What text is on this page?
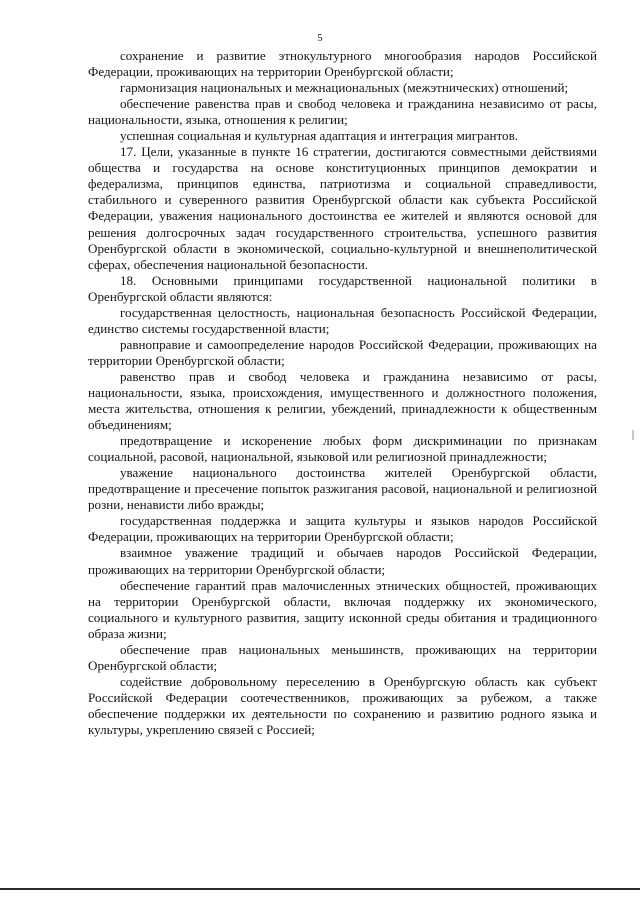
5

сохранение и развитие этнокультурного многообразия народов Российской Федерации, проживающих на территории Оренбургской области;

гармонизация национальных и межнациональных (межэтнических) отношений;

обеспечение равенства прав и свобод человека и гражданина независимо от расы, национальности, языка, отношения к религии;

успешная социальная и культурная адаптация и интеграция мигрантов.

17. Цели, указанные в пункте 16 стратегии, достигаются совместными действиями общества и государства на основе конституционных принципов демократии и федерализма, принципов единства, патриотизма и социальной справедливости, стабильного и суверенного развития Оренбургской области как субъекта Российской Федерации, уважения национального достоинства ее жителей и являются основой для решения долгосрочных задач государственного строительства, успешного развития Оренбургской области в экономической, социально-культурной и внешнеполитической сферах, обеспечения национальной безопасности.

18. Основными принципами государственной национальной политики в Оренбургской области являются:

государственная целостность, национальная безопасность Российской Федерации, единство системы государственной власти;

равноправие и самоопределение народов Российской Федерации, проживающих на территории Оренбургской области;

равенство прав и свобод человека и гражданина независимо от расы, национальности, языка, происхождения, имущественного и должностного положения, места жительства, отношения к религии, убеждений, принадлежности к общественным объединениям;

предотвращение и искоренение любых форм дискриминации по признакам социальной, расовой, национальной, языковой или религиозной принадлежности;

уважение национального достоинства жителей Оренбургской области, предотвращение и пресечение попыток разжигания расовой, национальной и религиозной розни, ненависти либо вражды;

государственная поддержка и защита культуры и языков народов Российской Федерации, проживающих на территории Оренбургской области;

взаимное уважение традиций и обычаев народов Российской Федерации, проживающих на территории Оренбургской области;

обеспечение гарантий прав малочисленных этнических общностей, проживающих на территории Оренбургской области, включая поддержку их экономического, социального и культурного развития, защиту исконной среды обитания и традиционного образа жизни;

обеспечение прав национальных меньшинств, проживающих на территории Оренбургской области;

содействие добровольному переселению в Оренбургскую область как субъект Российской Федерации соотечественников, проживающих за рубежом, а также обеспечение поддержки их деятельности по сохранению и развитию родного языка и культуры, укреплению связей с Россией;
